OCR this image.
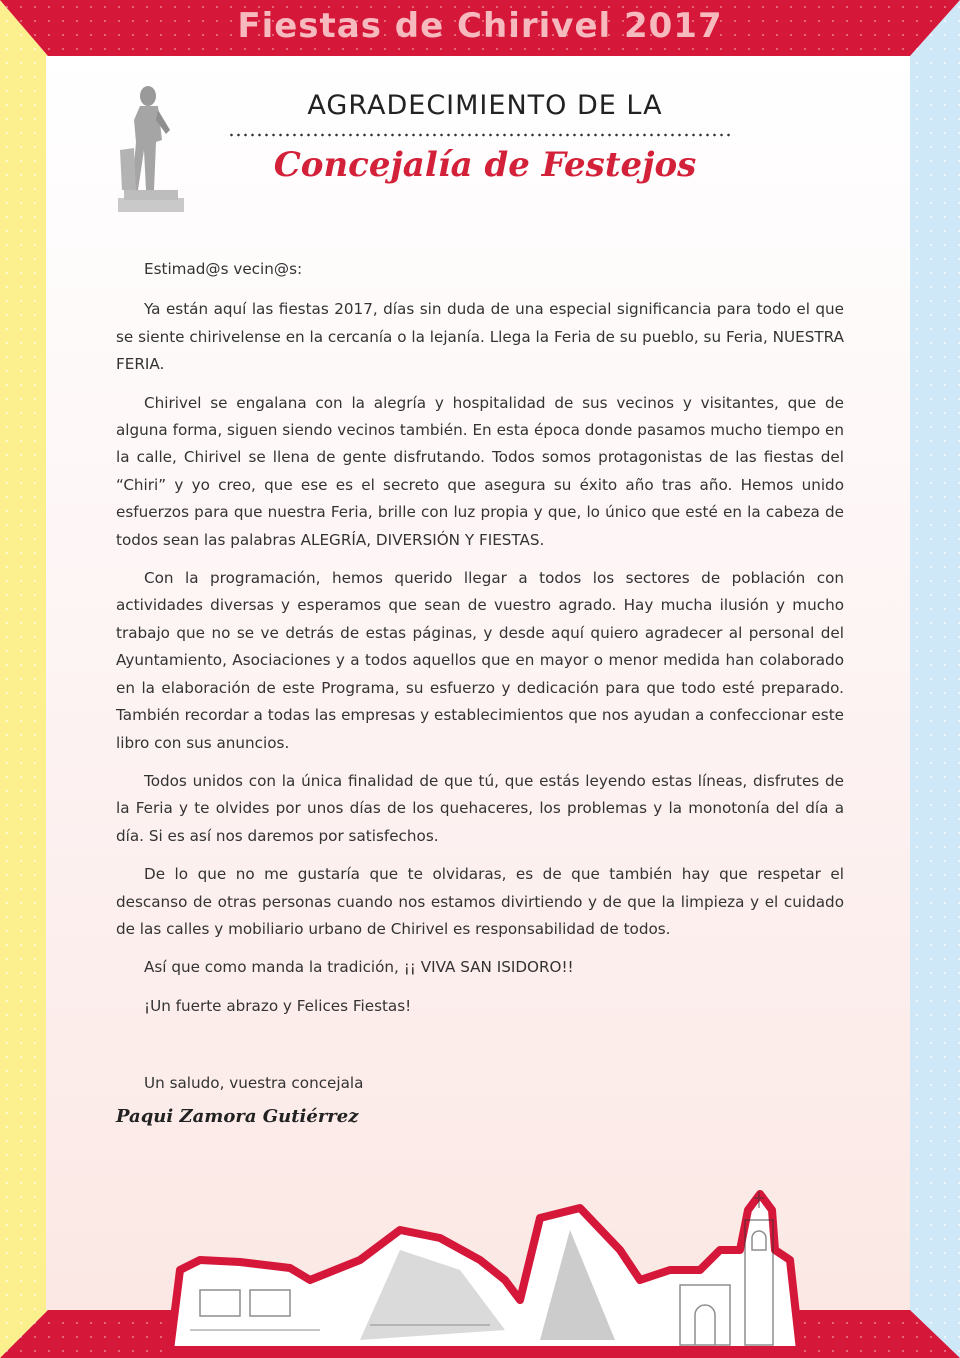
Fiestas de Chirivel 2017
AGRADECIMIENTO DE LA
Concejalía de Festejos

Estimad@s vecin@s:

Ya están aquí las fiestas 2017, días sin duda de una especial significancia para todo el que se siente chirivelense en la cercanía o la lejanía. Llega la Feria de su pueblo, su Feria, NUESTRA FERIA.

Chirivel se engalana con la alegría y hospitalidad de sus vecinos y visitantes, que de alguna forma, siguen siendo vecinos también. En esta época donde pasamos mucho tiempo en la calle, Chirivel se llena de gente disfrutando. Todos somos protagonistas de las fiestas del “Chiri” y yo creo, que ese es el secreto que asegura su éxito año tras año. Hemos unido esfuerzos para que nuestra Feria, brille con luz propia y que, lo único que esté en la cabeza de todos sean las palabras ALEGRÍA, DIVERSIÓN Y FIESTAS.

Con la programación, hemos querido llegar a todos los sectores de población con actividades diversas y esperamos que sean de vuestro agrado. Hay mucha ilusión y mucho trabajo que no se ve detrás de estas páginas, y desde aquí quiero agradecer al personal del Ayuntamiento, Asociaciones y a todos aquellos que en mayor o menor medida han colaborado en la elaboración de este Programa, su esfuerzo y dedicación para que todo esté preparado. También recordar a todas las empresas y establecimientos que nos ayudan a confeccionar este libro con sus anuncios.

Todos unidos con la única finalidad de que tú, que estás leyendo estas líneas, disfrutes de la Feria y te olvides por unos días de los quehaceres, los problemas y la monotonía del día a día. Si es así nos daremos por satisfechos.

De lo que no me gustaría que te olvidaras, es de que también hay que respetar el descanso de otras personas cuando nos estamos divirtiendo y de que la limpieza y el cuidado de las calles y mobiliario urbano de Chirivel es responsabilidad de todos.

Así que como manda la tradición, ¡¡ VIVA SAN ISIDORO!!

¡Un fuerte abrazo y Felices Fiestas!

Un saludo, vuestra concejala

Paqui Zamora Gutiérrez
